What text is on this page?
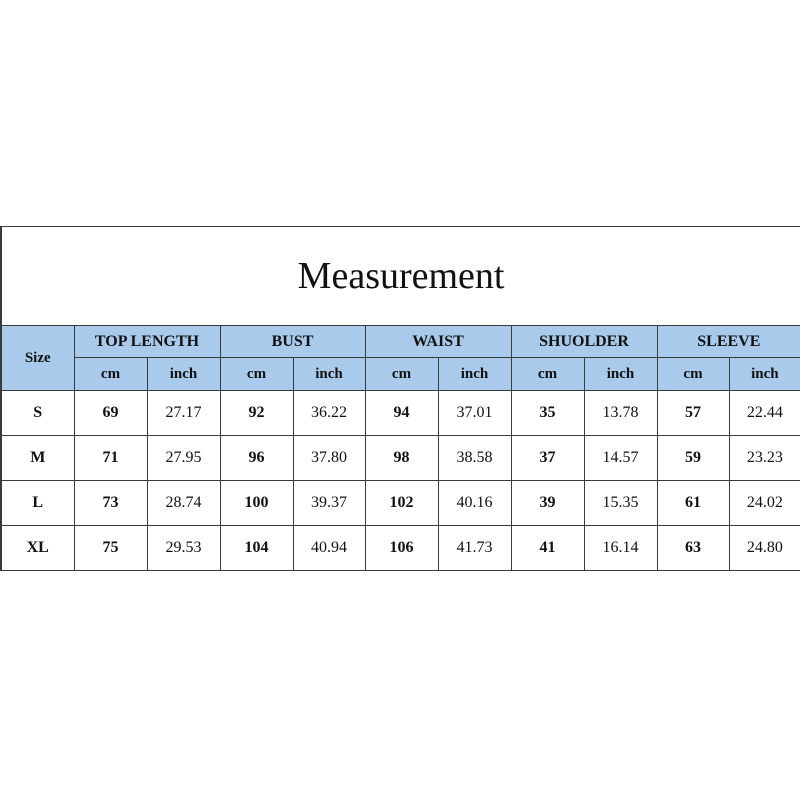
Measurement										
Size	TOP LENGTH		BUST		WAIST		SHUOLDER		SLEEVE	
	cm	inch	cm	inch	cm	inch	cm	inch	cm	inch
S	69	27.17	92	36.22	94	37.01	35	13.78	57	22.44
M	71	27.95	96	37.80	98	38.58	37	14.57	59	23.23
L	73	28.74	100	39.37	102	40.16	39	15.35	61	24.02
XL	75	29.53	104	40.94	106	41.73	41	16.14	63	24.80
